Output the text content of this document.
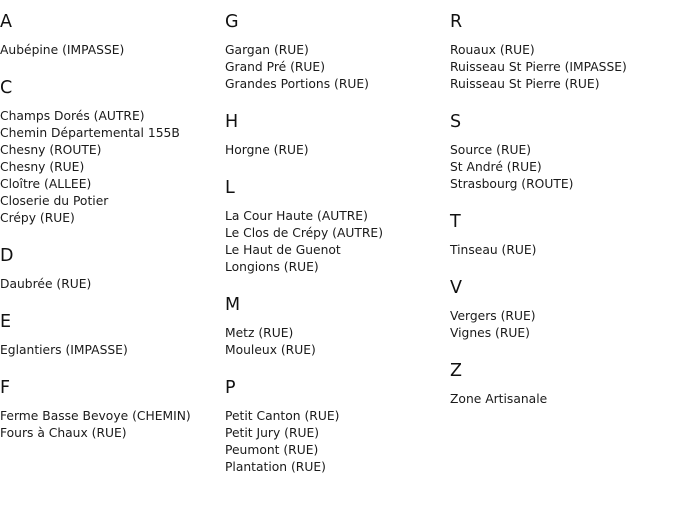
A
Aubépine (IMPASSE)
C
Champs Dorés (AUTRE)
Chemin Départemental 155B
Chesny (ROUTE)
Chesny (RUE)
Cloître (ALLEE)
Closerie du Potier
Crépy (RUE)
D
Daubrée (RUE)
E
Eglantiers (IMPASSE)
F
Ferme Basse Bevoye (CHEMIN)
Fours à Chaux (RUE)
G
Gargan (RUE)
Grand Pré (RUE)
Grandes Portions (RUE)
H
Horgne (RUE)
L
La Cour Haute (AUTRE)
Le Clos de Crépy (AUTRE)
Le Haut de Guenot
Longions (RUE)
M
Metz (RUE)
Mouleux (RUE)
P
Petit Canton (RUE)
Petit Jury (RUE)
Peumont (RUE)
Plantation (RUE)
R
Rouaux (RUE)
Ruisseau St Pierre (IMPASSE)
Ruisseau St Pierre (RUE)
S
Source (RUE)
St André (RUE)
Strasbourg (ROUTE)
T
Tinseau (RUE)
V
Vergers (RUE)
Vignes (RUE)
Z
Zone Artisanale
